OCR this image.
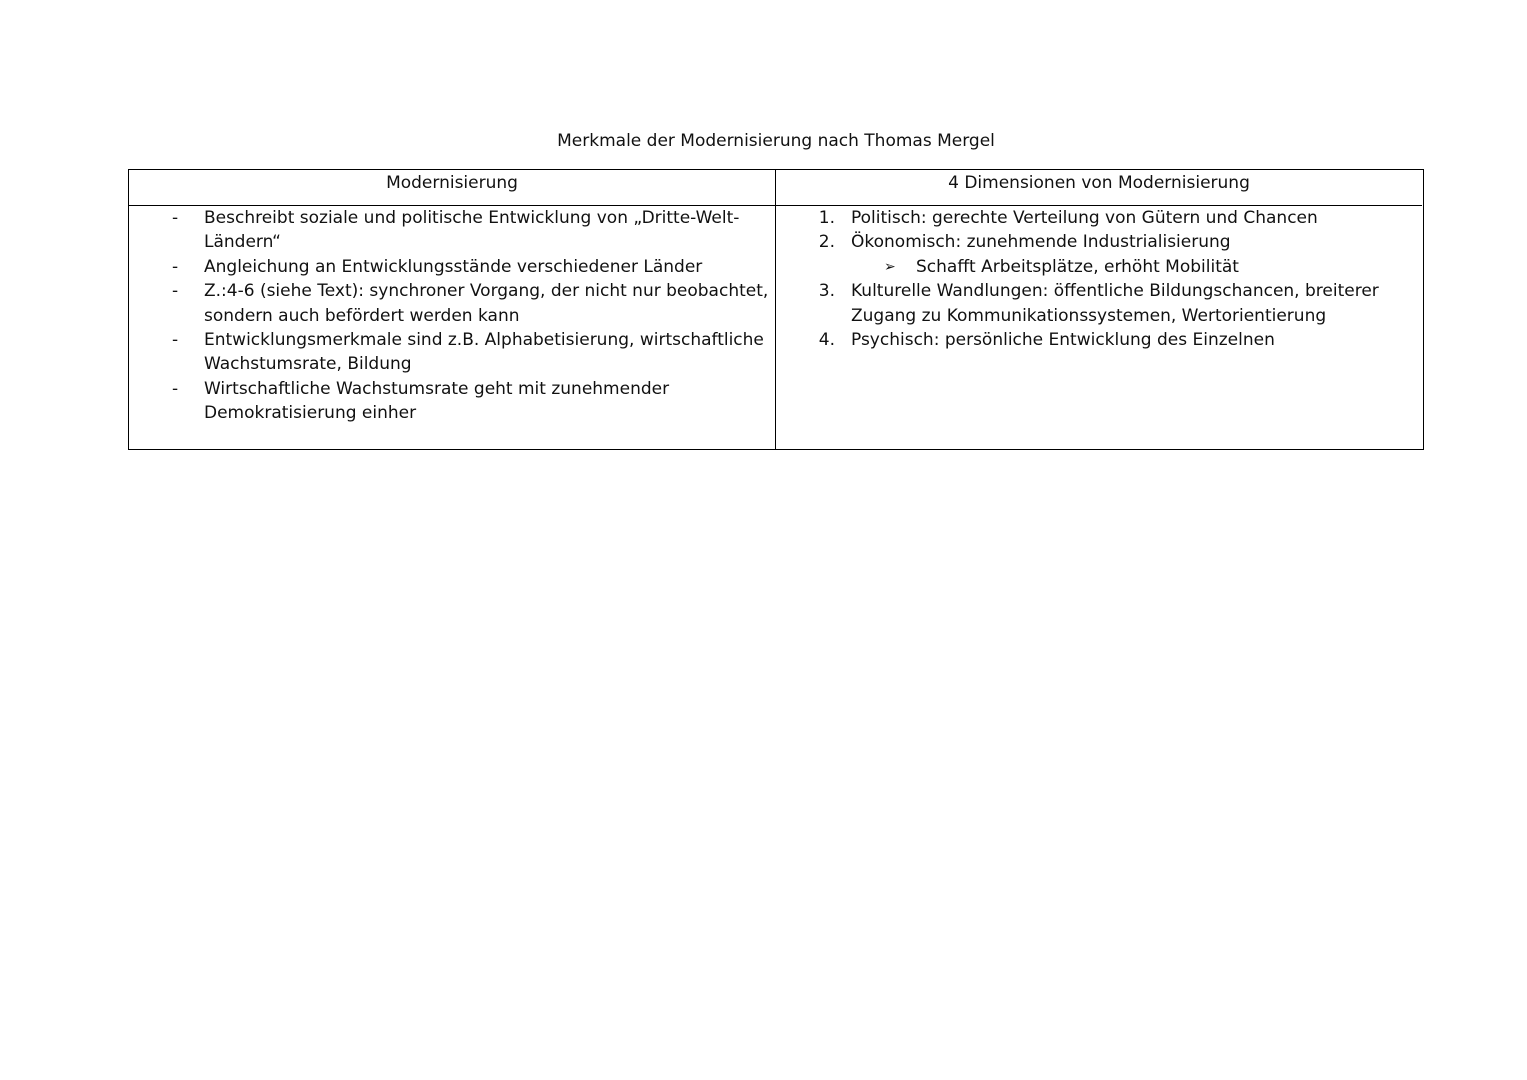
Merkmale der Modernisierung nach Thomas Mergel
Modernisierung	4 Dimensionen von Modernisierung
- Beschreibt soziale und politische Entwicklung von „Dritte-Welt-
Ländern“
- Angleichung an Entwicklungsstände verschiedener Länder
- Z.:4-6 (siehe Text): synchroner Vorgang, der nicht nur beobachtet,
sondern auch befördert werden kann
- Entwicklungsmerkmale sind z.B. Alphabetisierung, wirtschaftliche
Wachstumsrate, Bildung
- Wirtschaftliche Wachstumsrate geht mit zunehmender
Demokratisierung einher
1. Politisch: gerechte Verteilung von Gütern und Chancen
2. Ökonomisch: zunehmende Industrialisierung
➢ Schafft Arbeitsplätze, erhöht Mobilität
3. Kulturelle Wandlungen: öffentliche Bildungschancen, breiterer
Zugang zu Kommunikationssystemen, Wertorientierung
4. Psychisch: persönliche Entwicklung des Einzelnen
